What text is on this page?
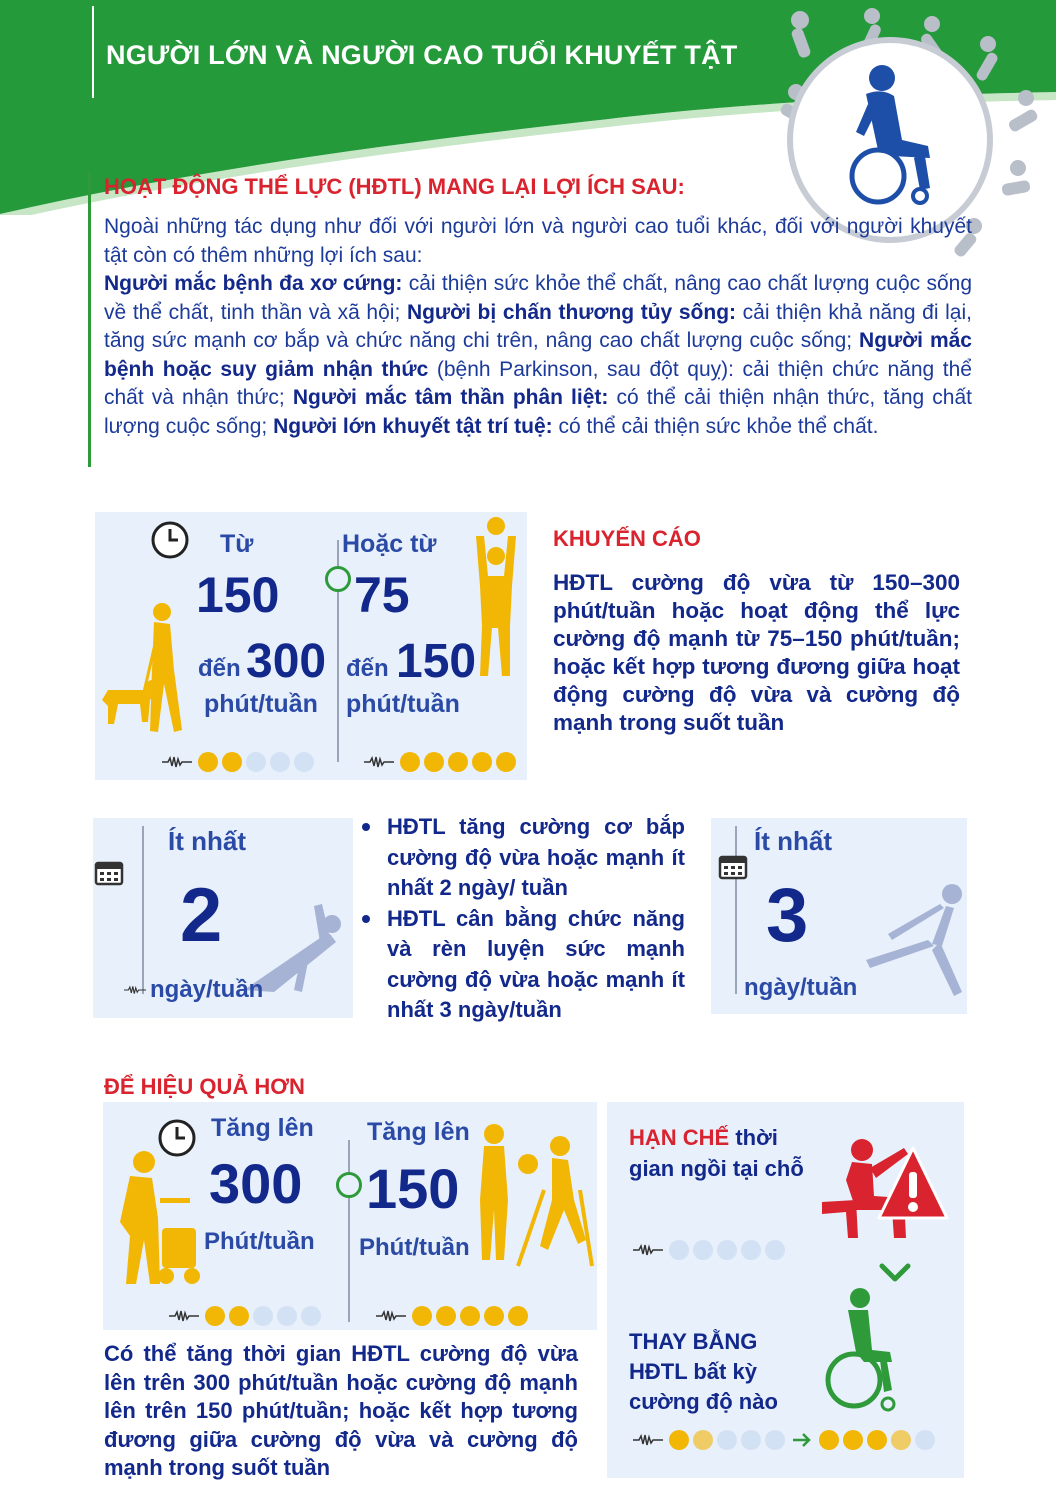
NGƯỜI LỚN VÀ NGƯỜI CAO TUỔI KHUYẾT TẬT
HOẠT ĐỘNG THỂ LỰC (HĐTL) MANG LẠI LỢI ÍCH SAU:
Ngoài những tác dụng như đối với người lớn và người cao tuổi khác, đối với người khuyết tật còn có thêm những lợi ích sau:
Người mắc bệnh đa xơ cứng: cải thiện sức khỏe thể chất, nâng cao chất lượng cuộc sống về thể chất, tinh thần và xã hội; Người bị chấn thương tủy sống: cải thiện khả năng đi lại, tăng sức mạnh cơ bắp và chức năng chi trên, nâng cao chất lượng cuộc sống; Người mắc bệnh hoặc suy giảm nhận thức (bệnh Parkinson, sau đột quỵ): cải thiện chức năng thể chất và nhận thức; Người mắc tâm thần phân liệt: có thể cải thiện nhận thức, tăng chất lượng cuộc sống; Người lớn khuyết tật trí tuệ: có thể cải thiện sức khỏe thể chất.
Từ
150
đến 300
phút/tuần
Hoặc từ
75
đến 150
phút/tuần
KHUYẾN CÁO
HĐTL cường độ vừa từ 150–300 phút/tuần hoặc hoạt động thể lực cường độ mạnh từ 75–150 phút/tuần; hoặc kết hợp tương đương giữa hoạt động cường độ vừa và cường độ mạnh trong suốt tuần
Ít nhất
2
ngày/tuần
HĐTL tăng cường cơ bắp cường độ vừa hoặc mạnh ít nhất 2 ngày/ tuần
HĐTL cân bằng chức năng và rèn luyện sức mạnh cường độ vừa hoặc mạnh ít nhất 3 ngày/tuần
Ít nhất
3
ngày/tuần
ĐỂ HIỆU QUẢ HƠN
Tăng lên
300
Phút/tuần
Tăng lên
150
Phút/tuần
Có thể tăng thời gian HĐTL cường độ vừa lên trên 300 phút/tuần hoặc cường độ mạnh lên trên 150 phút/tuần; hoặc kết hợp tương đương giữa cường độ vừa và cường độ mạnh trong suốt tuần
HẠN CHẾ thời
gian ngồi tại chỗ
THAY BẰNG
HĐTL bất kỳ
cường độ nào
